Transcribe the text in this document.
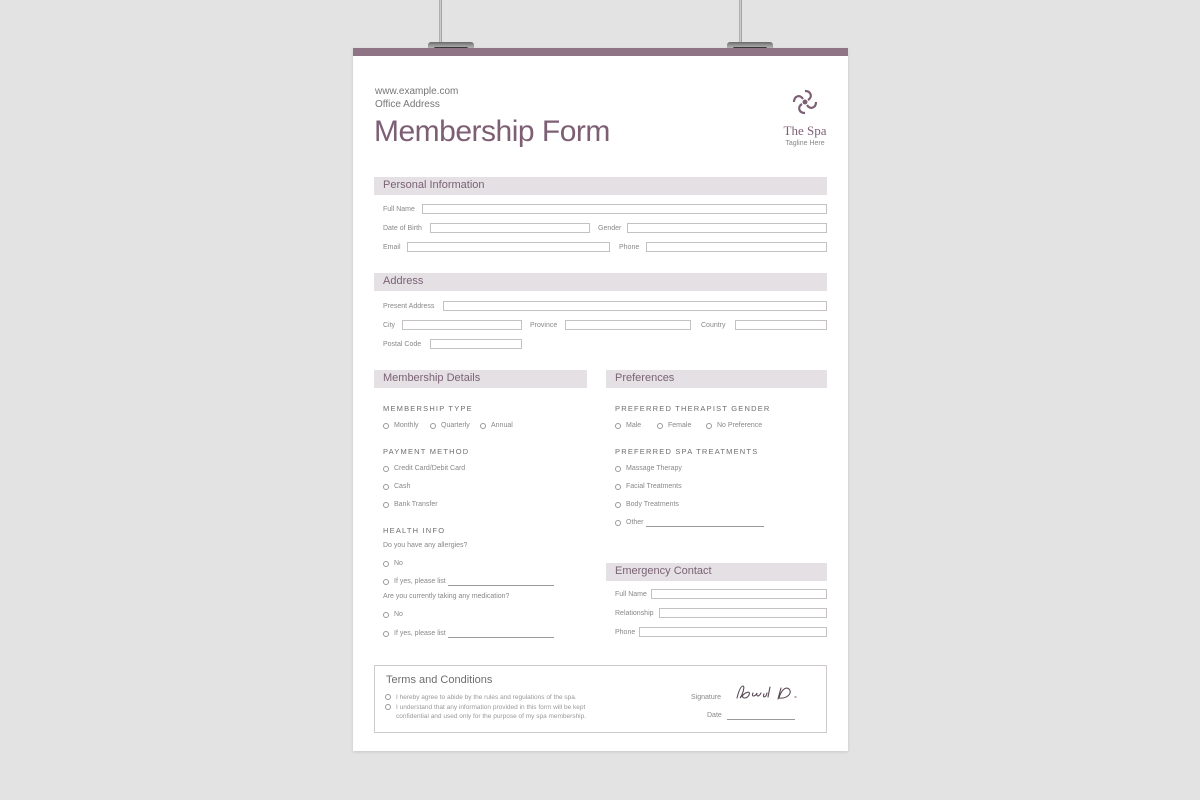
www.example.com
Office Address
Membership Form	The Spa
Tagline Here
Personal Information
Full Name
Date of Birth	Gender
Email	Phone
Address
Present Address
City	Province	Country
Postal Code
Membership Details
MEMBERSHIP TYPE
Monthly	Quarterly	Annual
PAYMENT METHOD
Credit Card/Debit Card
Cash
Bank Transfer
HEALTH INFO
Do you have any allergies?
No
If yes, please list
Are you currently taking any medication?
No
If yes, please list
Preferences
PREFERRED THERAPIST GENDER
Male	Female	No Preference
PREFERRED SPA TREATMENTS
Massage Therapy
Facial Treatments
Body Treatments
Other
Emergency Contact
Full Name
Relationship
Phone
Terms and Conditions
I hereby agree to abide by the rules and regulations of the spa.
I understand that any information provided in this form will be kept
confidential and used only for the purpose of my spa membership.
Signature
Date
